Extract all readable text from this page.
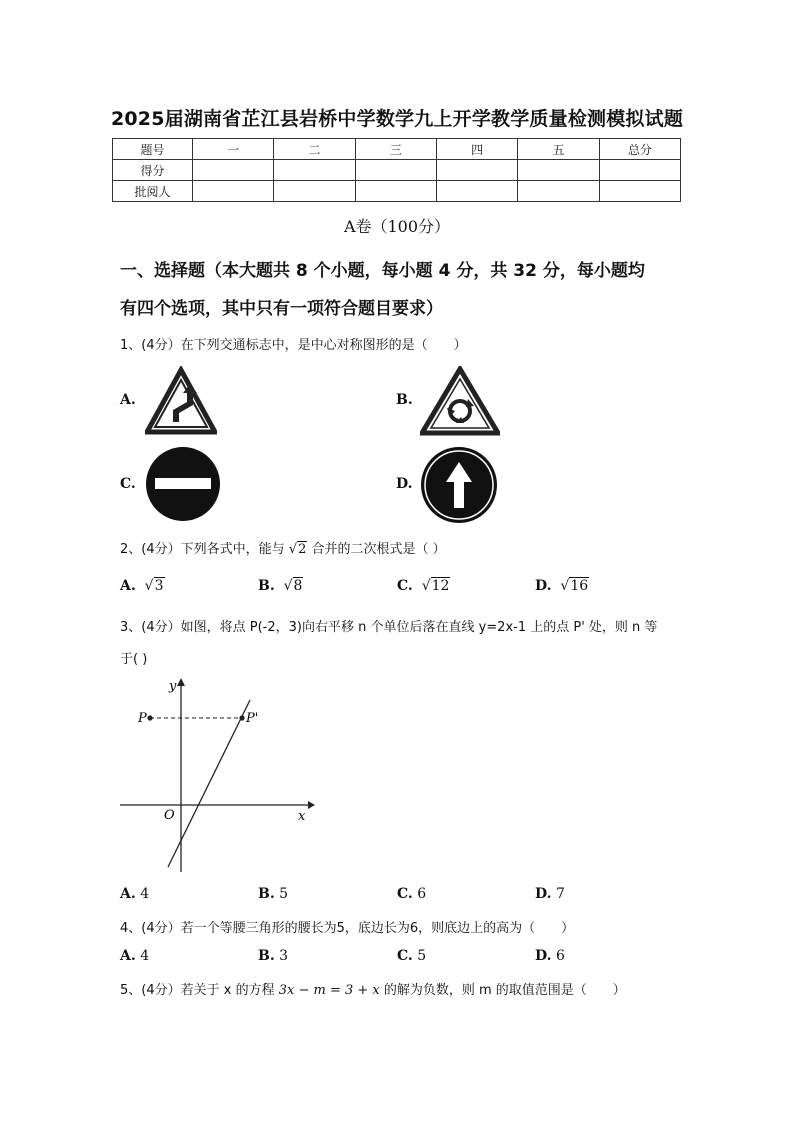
2025届湖南省芷江县岩桥中学数学九上开学教学质量检测模拟试题
题号	一	二	三	四	五	总分
得分						
批阅人						
A卷（100分）
一、选择题（本大题共 8 个小题，每小题 4 分，共 32 分，每小题均
有四个选项，其中只有一项符合题目要求）
1、(4分）在下列交通标志中，是中心对称图形的是（　　）
A.	B.
C.	D.
2、(4分）下列各式中，能与 √2 合并的二次根式是（ ）
A. √3	B. √8	C. √12	D. √16
3、(4分）如图，将点 P(-2，3)向右平移 n 个单位后落在直线 y=2x-1 上的点 P' 处，则 n 等
于( )
y
x
O
P	P'
A. 4	B. 5	C. 6	D. 7
4、(4分）若一个等腰三角形的腰长为5，底边长为6，则底边上的高为（　　）
A. 4	B. 3	C. 5	D. 6
5、(4分）若关于 x 的方程 3x − m = 3 + x 的解为负数，则 m 的取值范围是（　　）
